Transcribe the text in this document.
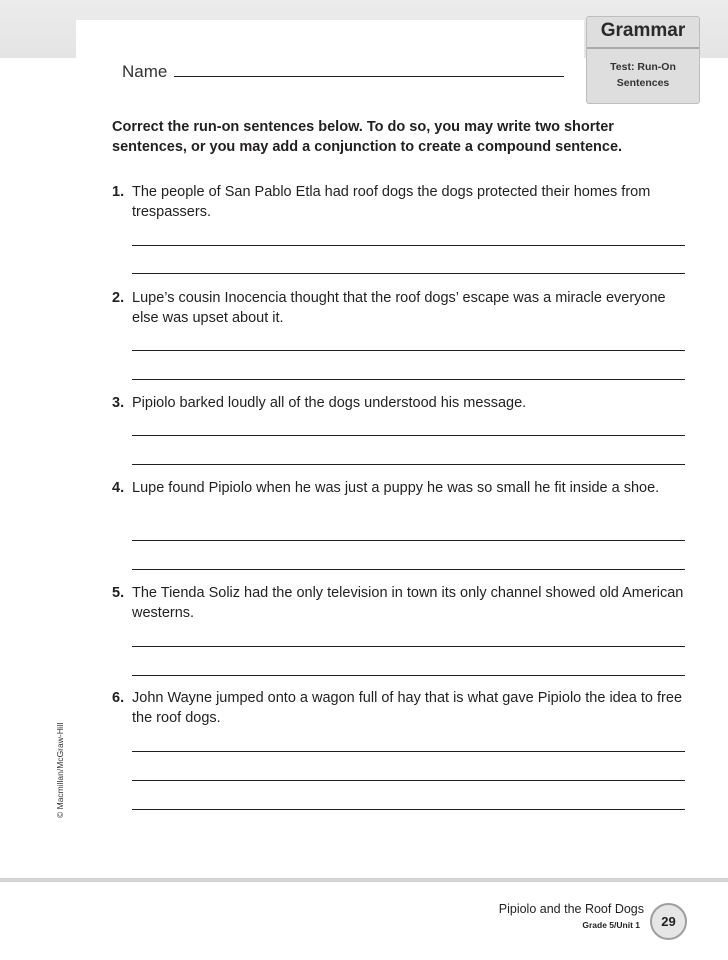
Grammar
Test: Run-On
Sentences
Name
Correct the run-on sentences below. To do so, you may write two shorter sentences, or you may add a conjunction to create a compound sentence.
1. The people of San Pablo Etla had roof dogs the dogs protected their homes from trespassers.
2. Lupe’s cousin Inocencia thought that the roof dogs’ escape was a miracle everyone else was upset about it.
3. Pipiolo barked loudly all of the dogs understood his message.
4. Lupe found Pipiolo when he was just a puppy he was so small he fit inside a shoe.
5. The Tienda Soliz had the only television in town its only channel showed old American westerns.
6. John Wayne jumped onto a wagon full of hay that is what gave Pipiolo the idea to free the roof dogs.
© Macmillan/McGraw-Hill
Pipiolo and the Roof Dogs
Grade 5/Unit 1	29
